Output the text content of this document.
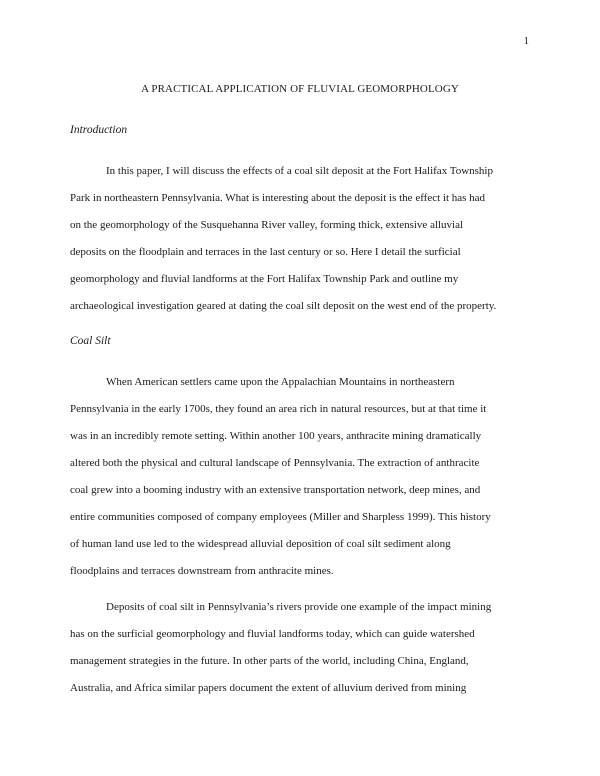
1
A PRACTICAL APPLICATION OF FLUVIAL GEOMORPHOLOGY
Introduction
In this paper, I will discuss the effects of a coal silt deposit at the Fort Halifax Township
Park in northeastern Pennsylvania. What is interesting about the deposit is the effect it has had
on the geomorphology of the Susquehanna River valley, forming thick, extensive alluvial
deposits on the floodplain and terraces in the last century or so. Here I detail the surficial
geomorphology and fluvial landforms at the Fort Halifax Township Park and outline my
archaeological investigation geared at dating the coal silt deposit on the west end of the property.
Coal Silt
When American settlers came upon the Appalachian Mountains in northeastern
Pennsylvania in the early 1700s, they found an area rich in natural resources, but at that time it
was in an incredibly remote setting. Within another 100 years, anthracite mining dramatically
altered both the physical and cultural landscape of Pennsylvania. The extraction of anthracite
coal grew into a booming industry with an extensive transportation network, deep mines, and
entire communities composed of company employees (Miller and Sharpless 1999). This history
of human land use led to the widespread alluvial deposition of coal silt sediment along
floodplains and terraces downstream from anthracite mines.
Deposits of coal silt in Pennsylvania’s rivers provide one example of the impact mining
has on the surficial geomorphology and fluvial landforms today, which can guide watershed
management strategies in the future. In other parts of the world, including China, England,
Australia, and Africa similar papers document the extent of alluvium derived from mining
